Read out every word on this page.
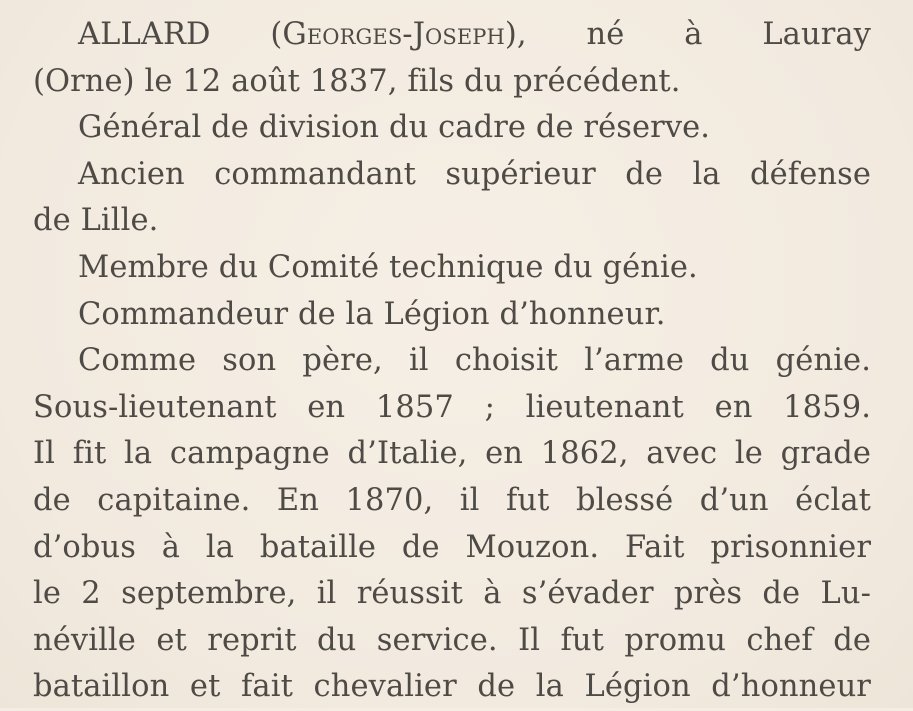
ALLARD (Georges-Joseph), né à Lauray
(Orne) le 12 août 1837, fils du précédent.
Général de division du cadre de réserve.
Ancien commandant supérieur de la défense
de Lille.
Membre du Comité technique du génie.
Commandeur de la Légion d’honneur.
Comme son père, il choisit l’arme du génie.
Sous-lieutenant en 1857 ; lieutenant en 1859.
Il fit la campagne d’Italie, en 1862, avec le grade
de capitaine. En 1870, il fut blessé d’un éclat
d’obus à la bataille de Mouzon. Fait prisonnier
le 2 septembre, il réussit à s’évader près de Lu-
néville et reprit du service. Il fut promu chef de
bataillon et fait chevalier de la Légion d’honneur
